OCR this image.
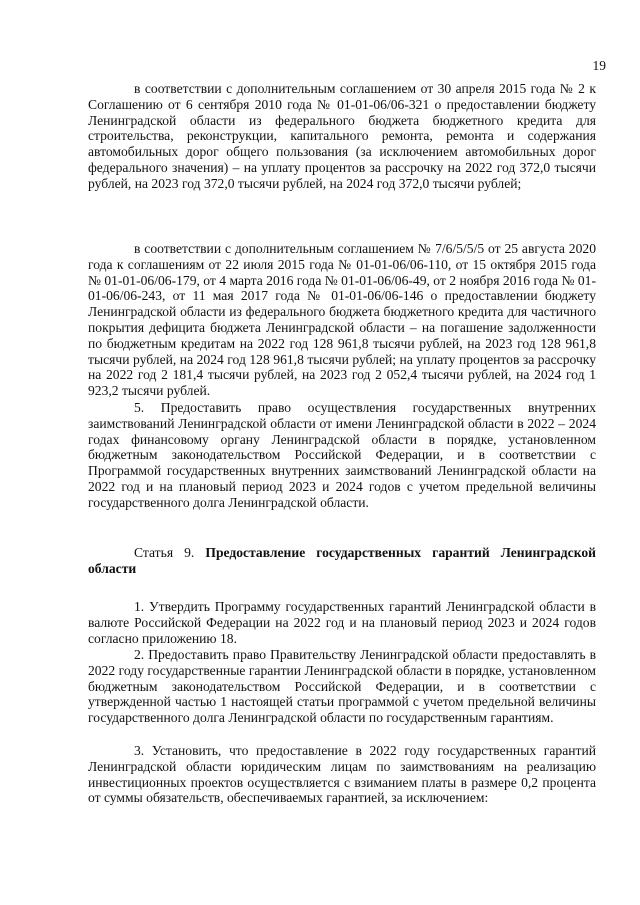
19

в соответствии с дополнительным соглашением от 30 апреля 2015 года № 2 к Соглашению от 6 сентября 2010 года № 01-01-06/06-321 о предоставлении бюджету Ленинградской области из федерального бюджета бюджетного кредита для строительства, реконструкции, капитального ремонта, ремонта и содержания автомобильных дорог общего пользования (за исключением автомобильных дорог федерального значения) – на уплату процентов за рассрочку на 2022 год 372,0 тысячи рублей, на 2023 год 372,0 тысячи рублей, на 2024 год 372,0 тысячи рублей;

в соответствии с дополнительным соглашением № 7/6/5/5/5 от 25 августа 2020 года к соглашениям от 22 июля 2015 года № 01-01-06/06-110, от 15 октября 2015 года № 01-01-06/06-179, от 4 марта 2016 года № 01-01-06/06-49, от 2 ноября 2016 года № 01-01-06/06-243, от 11 мая 2017 года № 01-01-06/06-146 о предоставлении бюджету Ленинградской области из федерального бюджета бюджетного кредита для частичного покрытия дефицита бюджета Ленинградской области – на погашение задолженности по бюджетным кредитам на 2022 год 128 961,8 тысячи рублей, на 2023 год 128 961,8 тысячи рублей, на 2024 год 128 961,8 тысячи рублей; на уплату процентов за рассрочку на 2022 год 2 181,4 тысячи рублей, на 2023 год 2 052,4 тысячи рублей, на 2024 год 1 923,2 тысячи рублей.

5. Предоставить право осуществления государственных внутренних заимствований Ленинградской области от имени Ленинградской области в 2022 – 2024 годах финансовому органу Ленинградской области в порядке, установленном бюджетным законодательством Российской Федерации, и в соответствии с Программой государственных внутренних заимствований Ленинградской области на 2022 год и на плановый период 2023 и 2024 годов с учетом предельной величины государственного долга Ленинградской области.

Статья 9. Предоставление государственных гарантий Ленинградской области

1. Утвердить Программу государственных гарантий Ленинградской области в валюте Российской Федерации на 2022 год и на плановый период 2023 и 2024 годов согласно приложению 18.

2. Предоставить право Правительству Ленинградской области предоставлять в 2022 году государственные гарантии Ленинградской области в порядке, установленном бюджетным законодательством Российской Федерации, и в соответствии с утвержденной частью 1 настоящей статьи программой с учетом предельной величины государственного долга Ленинградской области по государственным гарантиям.

3. Установить, что предоставление в 2022 году государственных гарантий Ленинградской области юридическим лицам по заимствованиям на реализацию инвестиционных проектов осуществляется с взиманием платы в размере 0,2 процента от суммы обязательств, обеспечиваемых гарантией, за исключением:
